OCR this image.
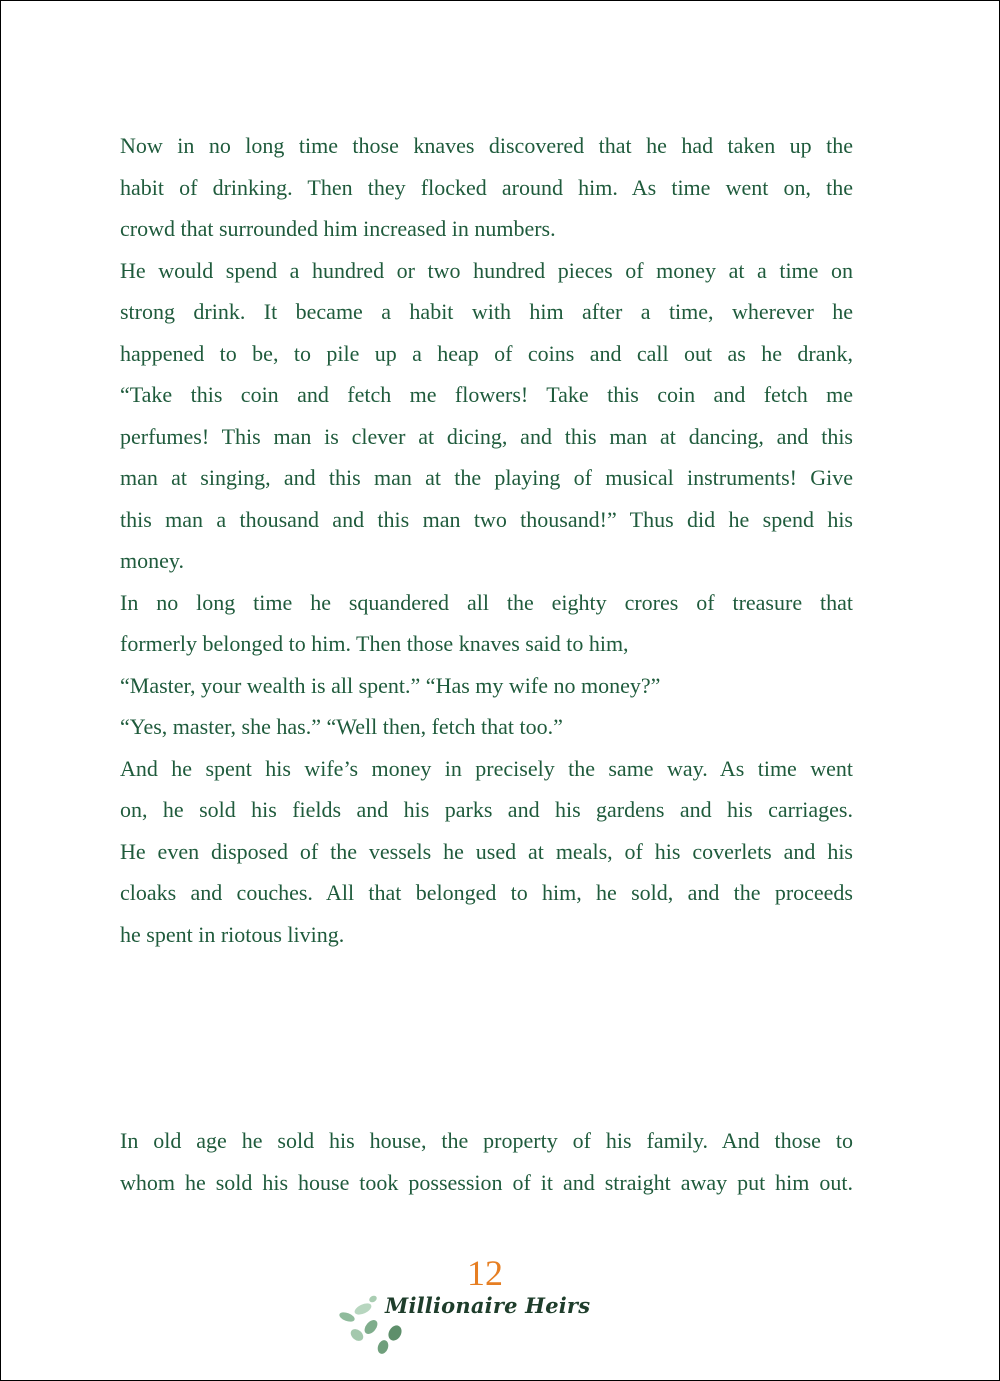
Now in no long time those knaves discovered that he had taken up the
habit of drinking. Then they flocked around him. As time went on, the
crowd that surrounded him increased in numbers.
He would spend a hundred or two hundred pieces of money at a time on
strong drink. It became a habit with him after a time, wherever he
happened to be, to pile up a heap of coins and call out as he drank,
“Take this coin and fetch me flowers! Take this coin and fetch me
perfumes! This man is clever at dicing, and this man at dancing, and this
man at singing, and this man at the playing of musical instruments! Give
this man a thousand and this man two thousand!” Thus did he spend his
money.
In no long time he squandered all the eighty crores of treasure that
formerly belonged to him. Then those knaves said to him,
“Master, your wealth is all spent.” “Has my wife no money?”
“Yes, master, she has.” “Well then, fetch that too.”
And he spent his wife’s money in precisely the same way. As time went
on, he sold his fields and his parks and his gardens and his carriages.
He even disposed of the vessels he used at meals, of his coverlets and his
cloaks and couches. All that belonged to him, he sold, and the proceeds
he spent in riotous living.
In old age he sold his house, the property of his family. And those to
whom he sold his house took possession of it and straight away put him out.
12
Millionaire Heirs
